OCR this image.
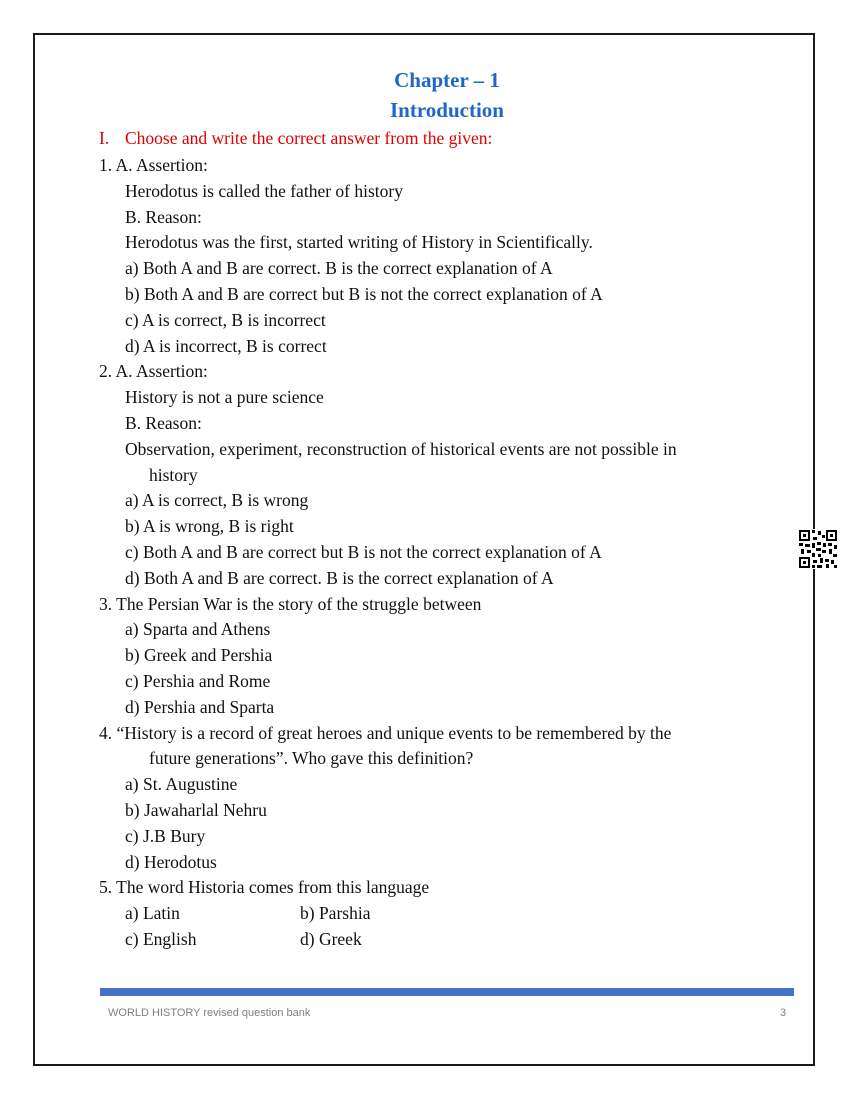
Chapter – 1
Introduction
I. Choose and write the correct answer from the given:
1. A. Assertion:
Herodotus is called the father of history
B. Reason:
Herodotus was the first, started writing of History in Scientifically.
a) Both A and B are correct. B is the correct explanation of A
b) Both A and B are correct but B is not the correct explanation of A
c) A is correct, B is incorrect
d) A is incorrect, B is correct
2. A. Assertion:
History is not a pure science
B. Reason:
Observation, experiment, reconstruction of historical events are not possible in
history
a) A is correct, B is wrong
b) A is wrong, B is right
c) Both A and B are correct but B is not the correct explanation of A
d) Both A and B are correct. B is the correct explanation of A
3. The Persian War is the story of the struggle between
a) Sparta and Athens
b) Greek and Pershia
c) Pershia and Rome
d) Pershia and Sparta
4. “History is a record of great heroes and unique events to be remembered by the
future generations”. Who gave this definition?
a) St. Augustine
b) Jawaharlal Nehru
c) J.B Bury
d) Herodotus
5. The word Historia comes from this language
a) Latin	b) Parshia
c) English	d) Greek
WORLD HISTORY revised question bank	3
